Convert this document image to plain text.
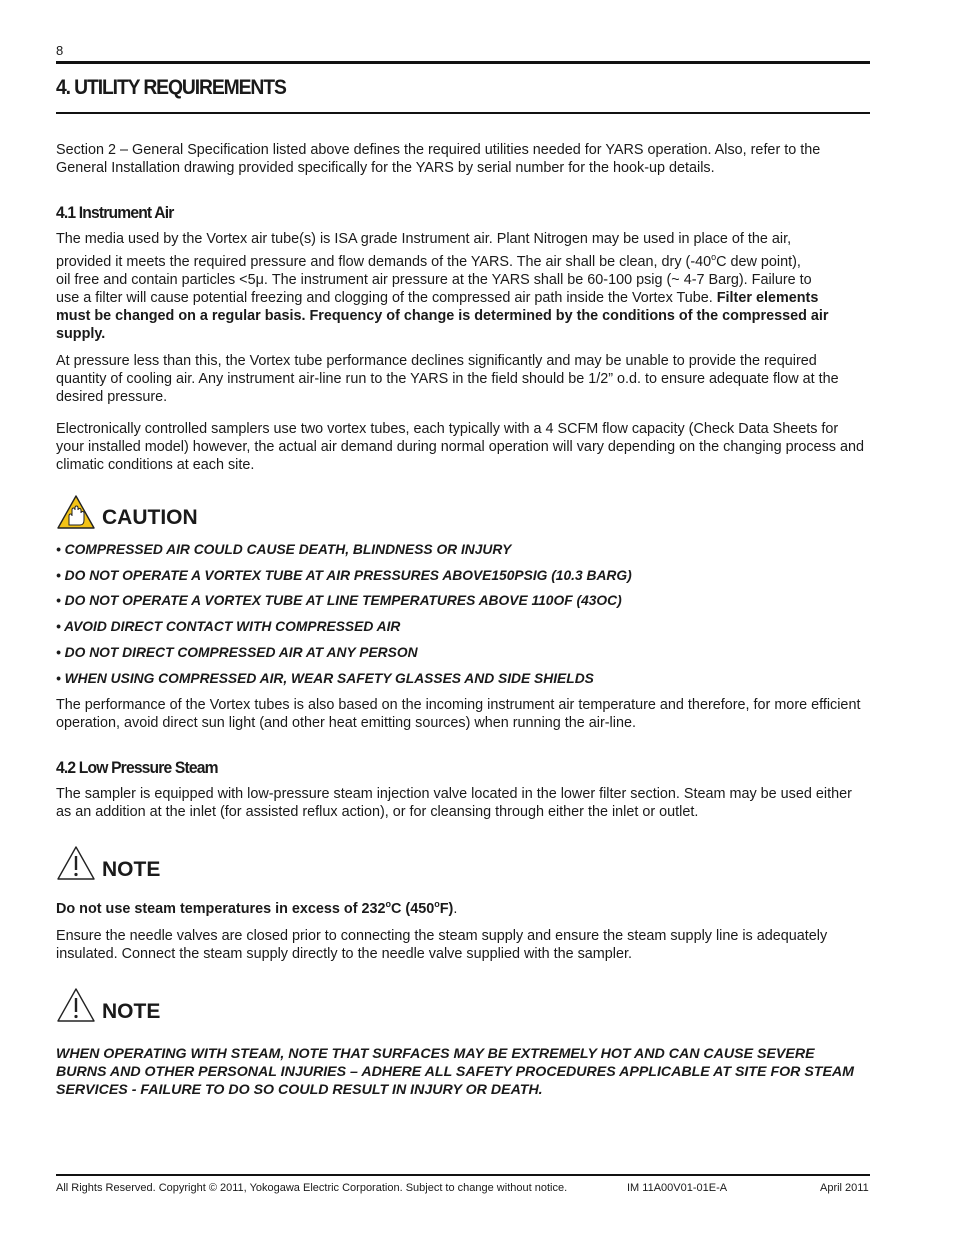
8
4. UTILITY REQUIREMENTS
Section 2 – General Specification listed above defines the required utilities needed for YARS operation. Also, refer to the General Installation drawing provided specifically for the YARS by serial number for the hook-up details.
4.1 Instrument Air
The media used by the Vortex air tube(s) is ISA grade Instrument air. Plant Nitrogen may be used in place of the air,
provided it meets the required pressure and flow demands of the YARS. The air shall be clean, dry (-40$^o$C dew point),
oil free and contain particles <5μ. The instrument air pressure at the YARS shall be 60-100 psig (~ 4-7 Barg). Failure to
use a filter will cause potential freezing and clogging of the compressed air path inside the Vortex Tube. Filter elements
must be changed on a regular basis. Frequency of change is determined by the conditions of the compressed air
supply.
At pressure less than this, the Vortex tube performance declines significantly and may be unable to provide the required quantity of cooling air. Any instrument air-line run to the YARS in the field should be 1/2” o.d. to ensure adequate flow at the desired pressure.
Electronically controlled samplers use two vortex tubes, each typically with a 4 SCFM flow capacity (Check Data Sheets for your installed model) however, the actual air demand during normal operation will vary depending on the changing process and climatic conditions at each site.
CAUTION
• COMPRESSED AIR COULD CAUSE DEATH, BLINDNESS OR INJURY
• DO NOT OPERATE A VORTEX TUBE AT AIR PRESSURES ABOVE150PSIG (10.3 BARG)
• DO NOT OPERATE A VORTEX TUBE AT LINE TEMPERATURES ABOVE 110OF (43OC)
• AVOID DIRECT CONTACT WITH COMPRESSED AIR
• DO NOT DIRECT COMPRESSED AIR AT ANY PERSON
• WHEN USING COMPRESSED AIR, WEAR SAFETY GLASSES AND SIDE SHIELDS
The performance of the Vortex tubes is also based on the incoming instrument air temperature and therefore, for more efficient operation, avoid direct sun light (and other heat emitting sources) when running the air-line.
4.2 Low Pressure Steam
The sampler is equipped with low-pressure steam injection valve located in the lower filter section. Steam may be used either as an addition at the inlet (for assisted reflux action), or for cleansing through either the inlet or outlet.
NOTE
Do not use steam temperatures in excess of 232$^o$C (450$^o$F).
Ensure the needle valves are closed prior to connecting the steam supply and ensure the steam supply line is adequately insulated. Connect the steam supply directly to the needle valve supplied with the sampler.
NOTE
WHEN OPERATING WITH STEAM, NOTE THAT SURFACES MAY BE EXTREMELY HOT AND CAN CAUSE SEVERE BURNS AND OTHER PERSONAL INJURIES – ADHERE ALL SAFETY PROCEDURES APPLICABLE AT SITE FOR STEAM SERVICES - FAILURE TO DO SO COULD RESULT IN INJURY OR DEATH.
All Rights Reserved. Copyright © 2011, Yokogawa Electric Corporation. Subject to change without notice.	IM 11A00V01-01E-A	April 2011
